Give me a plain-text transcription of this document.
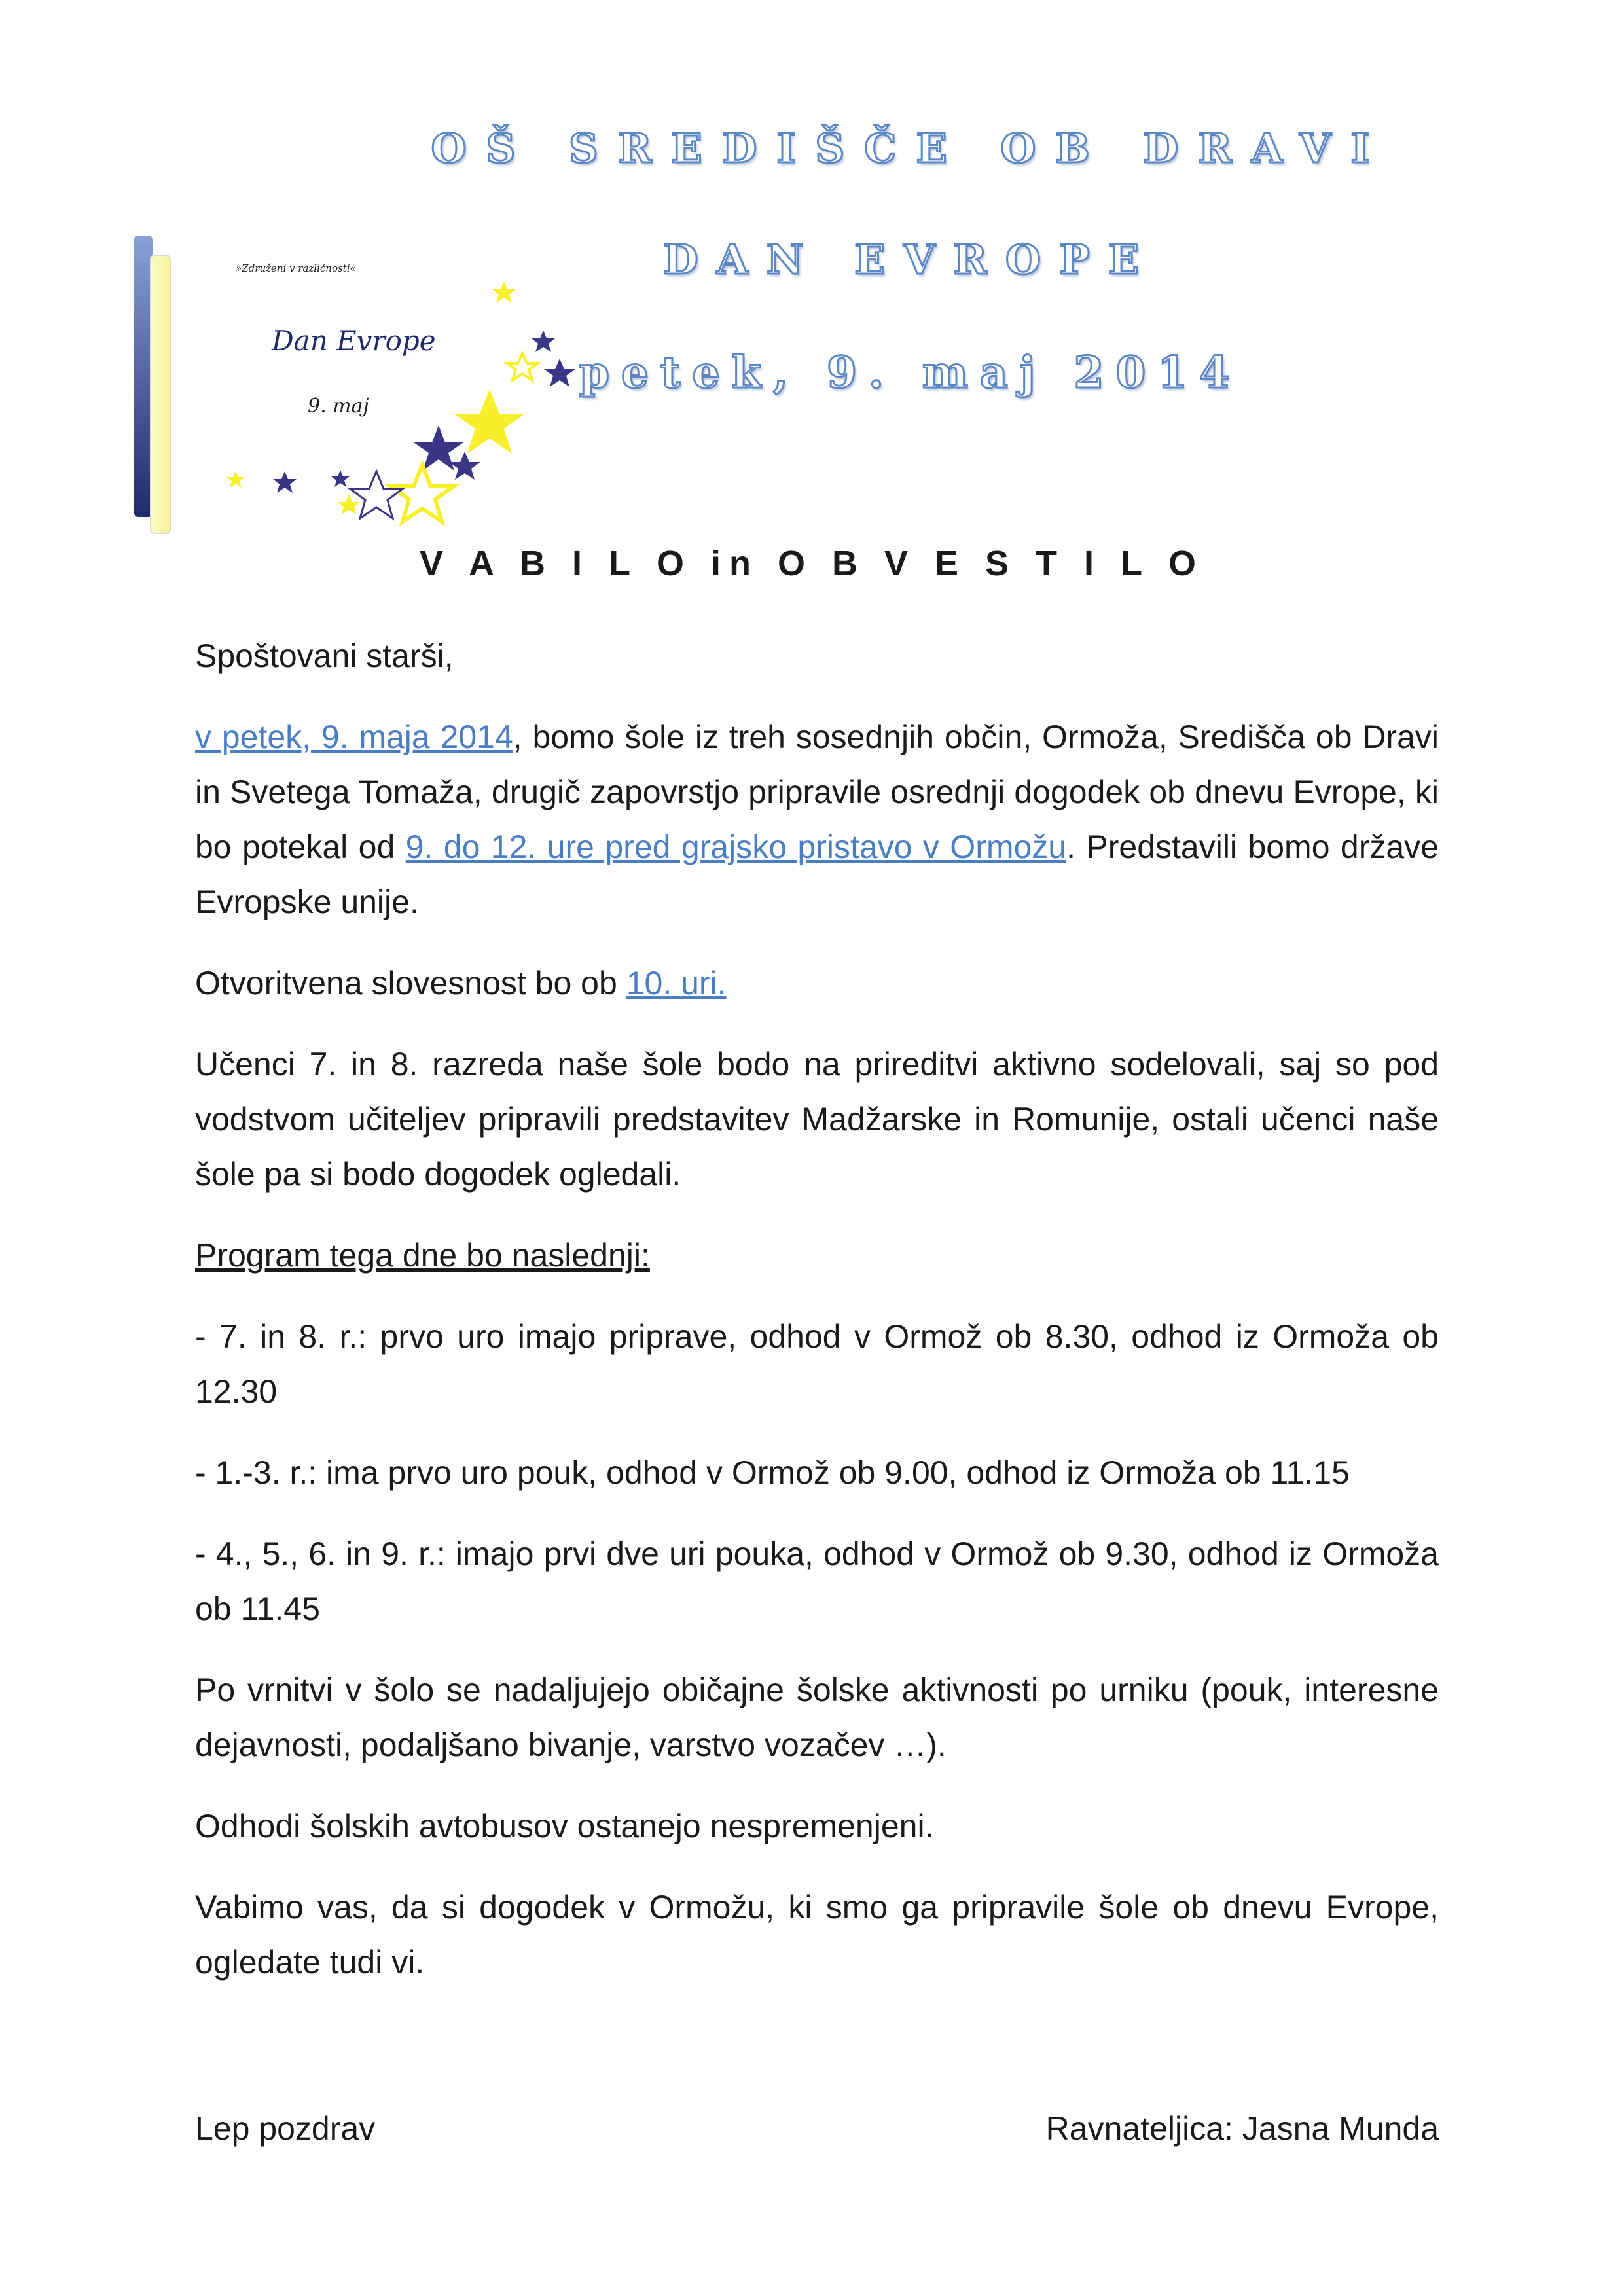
OŠ SREDIŠČE OB DRAVI
DAN EVROPE
petek, 9. maj 2014
»Združeni v različnosti«
Dan Evrope
9. maj
V A B I L O in O B V E S T I L O

Spoštovani starši,

v petek, 9. maja 2014, bomo šole iz treh sosednjih občin, Ormoža, Središča ob Dravi in Svetega Tomaža, drugič zapovrstjo pripravile osrednji dogodek ob dnevu Evrope, ki bo potekal od 9. do 12. ure pred grajsko pristavo v Ormožu. Predstavili bomo države Evropske unije.

Otvoritvena slovesnost bo ob 10. uri.

Učenci 7. in 8. razreda naše šole bodo na prireditvi aktivno sodelovali, saj so pod vodstvom učiteljev pripravili predstavitev Madžarske in Romunije, ostali učenci naše šole pa si bodo dogodek ogledali.

Program tega dne bo naslednji:

- 7. in 8. r.: prvo uro imajo priprave, odhod v Ormož ob 8.30, odhod iz Ormoža ob 12.30

- 1.-3. r.: ima prvo uro pouk, odhod v Ormož ob 9.00, odhod iz Ormoža ob 11.15

- 4., 5., 6. in 9. r.: imajo prvi dve uri pouka, odhod v Ormož ob 9.30, odhod iz Ormoža ob 11.45

Po vrnitvi v šolo se nadaljujejo običajne šolske aktivnosti po urniku (pouk, interesne dejavnosti, podaljšano bivanje, varstvo vozačev …).

Odhodi šolskih avtobusov ostanejo nespremenjeni.

Vabimo vas, da si dogodek v Ormožu, ki smo ga pripravile šole ob dnevu Evrope, ogledate tudi vi.

Lep pozdrav	Ravnateljica: Jasna Munda
